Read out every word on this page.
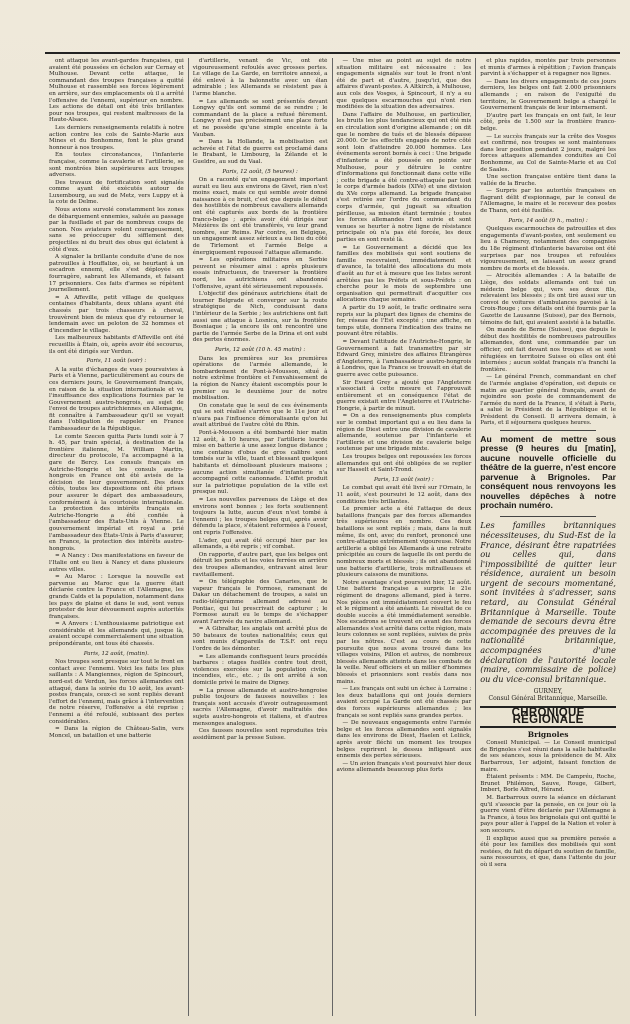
ont attaqué les avant-gardes françaises, qui avaient été poussées en échelon sur Cernay et Mulhouse. Devant cette attaque, le commandant des troupes françaises a quitté Mulhouse et rassemblé ses forces légèrement en arrière, sur des emplacements où il a arrêté l'offensive de l'ennemi, supérieur en nombre. Les actions de détail ont été très brillantes pour nos troupes, qui restent maîtresses de la Haute-Alsace.

Les derniers renseignements relatifs à notre action contre les cols de Sainte-Marie aux Mines et du Bonhomme, font le plus grand honneur à nos troupes.

En toutes circonstances, l'infanterie française, comme la cavalerie et l'artillerie, se sont montrées bien supérieures aux troupes adverses.

Des travaux de fortification sont signalés comme ayant été exécutés autour de Luxembourg, au sud de Metz, vers Luppy et à la cote de Delme.

Nous avions survolé constamment les zones de débarquement ennemies, saluée au passage par la fusillade et par de nombreux coups de canon. Nos aviateurs volent courageusement, sans se préoccuper du sifflement des projectiles ni du bruit des obus qui éclatent à côté d'eux.

A signaler la brillante conduite d'une de nos patrouilles à Houffalize, où, se heurtant à un escadron ennemi, elle s'est déployée en fourragère, sabrant les Allemands, et faisant 17 prisonniers. Ces faits d'armes se répètent journellement.

= A Affeville, petit village de quelques centaines d'habitants, deux uhlans ayant été chassés par trois chasseurs à cheval, trouvèrent bien de mieux que d'y retourner le lendemain avec un peloton de 32 hommes et d'incendier le village.

Les malheureux habitants d'Affeville ont été recueillis à Étain, où, après avoir été secourus, ils ont été dirigés sur Verdun.

Paris, 11 août (soir) :

A la suite d'échanges de vues poursuivies à Paris et à Vienne, particulièrement au cours de ces derniers jours, le Gouvernement français, en raison de la situation internationale et vu l'insuffisance des explications fournies par le Gouvernement austro-hongrois, au sujet de l'envoi de troupes autrichiennes en Allemagne, fit connaître à l'ambassadeur qu'il se voyait dans l'obligation de rappeler en France l'ambassadeur de la République.

Le comte Szecen quitta Paris lundi soir à 7 h. 45, par train spécial, à destination de la frontière italienne, M. William Martin, directeur du protocole, l'a accompagné à la gare de Bercy. Les consuls français en Autriche-Hongrie et les consuls austro-hongrois en France ont été avisés de la décision de leur gouvernement. Des deux côtés, toutes les dispositions ont été prises pour assurer le départ des ambassadeurs, conformément à la courtoisie internationale. La protection des intérêts français en Autriche-Hongrie a été confiée à l'ambassadeur des États-Unis à Vienne. Le gouvernement impérial et royal a prié l'ambassadeur des États-Unis à Paris d'assurer, en France, la protection des intérêts austro-hongrois.

= A Nancy : Des manifestations en faveur de l'Italie ont eu lieu à Nancy et dans plusieurs autres villes.

= Au Maroc : Lorsque la nouvelle est parvenue au Maroc que la guerre était déclarée contre la France et l'Allemagne, les grands Caïds et la population, notamment dans les pays de plaine et dans le sud, sont venus protester de leur dévouement auprès autorités françaises.

= A Anvers : L'enthousiasme patriotique est considérable et les allemands qui, jusque là, avaient occupé commercialement une situation prépondérante, ont tous été chassés.

Paris, 12 août, (matin).

Nos troupes sont presque sur tout le front en contact avec l'ennemi. Voici les faits les plus saillants : A Mangiennes, région de Spincourt, nord-est de Verdun, les forces allemandes ont attaqué, dans la soirée du 10 août, les avant-postes français, ceux-ci se sont repliés devant l'effort de l'ennemi, mais grâce à l'intervention de notre réserve, l'offensive a été reprise ; l'ennemi a été refoulé, subissant des pertes considérables.

= Dans la région de Château-Salin, vers Moncel, un bataillon et une batterie

d'artillerie, venant de Vic, ont été vigoureusement refoulés avec grosses pertes. Le village de La Garde, en territoire annexé, a été enlevé à la baïonnette avec un élan admirable ; les Allemands se résistent pas à l'arme blanche.

= Les allemands se sont présentés devant Longwy qu'ils ont sommé de se rendre ; le commandant de la place a refusé fièrement. Longwy n'est pas précisément une place forte et ne possède qu'une simple enceinte à la Vauban.

= Dans la Hollande, la mobilisation est achevée et l'état de guerre est proclamé dans le Brabant, le Limbourg, la Zélande et le Gueldre, au sud du Vaal.

Paris, 12 août, (5 heures) :

On a raconté qu'un engagement important aurait eu lieu aux environs de Givet, rien n'est moins exact, mais ce qui semble avoir donné naissance à ce bruit, c'est que depuis le début des hostilités de nombreux cavaliers allemands ont été capturés aux bords de la frontière franco-belge ; après avoir été dirigés sur Mézières ils ont été transférés, vu leur grand nombre, sur Reims. Par contre, en Belgique, un engagement assez sérieux a eu lieu du côté de Tirlemont et l'armée Belge a énergiquement repoussé l'attaque allemande.

= Les opérations militaires en Serbie peuvent se résumer ainsi : après plusieurs essais infructueux, de traverser la frontière nord, les autrichiens ont abandonné l'offensive, ayant été sérieusement repoussés.

L'objectif des généraux autrichiens était de tourner Belgrade et converger sur la route stratégique de Nich, conduisant dans l'intérieur de la Serbie ; les autrichiens ont fait aussi une attaque à Losnica, sur la frontière Bosniaque ; la encore ils ont rencontré une partie de l'armée Serbe de la Drina et ont subi des pertes énormes.

Paris, 12 août (10 h. 45 matin) :

Dans les premières sur les premières opérations de l'armée allemande, le bombardement de Pont-à-Mousson, situé à notre extrême frontière et l'envahissement de la région de Nancy étaient escomptés pour le premier ou le deuxième jour de notre mobilisation.

On constate que le seul de ces événements qui se soit réalisé s'arrive que le 11e jour et n'aura pas l'influence démoralisante qu'on lui avait attribué de l'autre côté du Rhin.

Pont-à-Mousson a été bombardé hier matin 12 août, à 10 heures, par l'artillerie lourde mise en batterie à une assez longue distance ; une centaine d'obus de gros calibre sont tombés sur la ville, tuant et blessant quelques habitants et démolissant plusieurs maisons ; aucune action simultanée d'infanterie n'a accompagné cette canonnade. L'effet produit sur la patriotique population de la ville est presque nul.

= Les nouvelles parvenues de Liège et des environs sont bonnes ; les forts soutiennent toujours la lutte, aucun d'eux n'est tombé à l'ennemi ; les troupes belges qui, après avoir défendu la place, s'étaient reformées à l'ouest, ont repris l'offensive.

L'ader, qui avait été occupé hier par les allemands, a été repris ; vif combat.

On rapporte, d'autre part, que les belges ont détruit les ponts et les voies ferrées en arrière des troupes allemandes, entravant ainsi leur ravitaillement.

= On télégraphie des Canaries, que le vapeur français le Formose, ramenant de Dakar un détachement de troupes, a saisi un radio-télégramme allemand adressé au Pontiac, qui lui prescrivait de capturer ; le Formose aurait eu le temps de s'échapper avant l'arrivée du navire allemand.

= A Gibraltar, les anglais ont arrêté plus de 50 bateaux de toutes nationalités; ceux qui sont munis d'appareils de T.S.F. ont reçu l'ordre de les démonter.

= Les allemands confisquent leurs procédés barbares : otages fusillés contre tout droit, violences exercées sur la population civile, incendies, etc., etc. ; ils ont arrêté à son domicile privé le maire de Digney.

= La presse allemande et austro-hongroise publie toujours de fausses nouvelles : les français sont accusés d'avoir outrageusement sacrés l'Allemagne, d'avoir maltraités des sujets austro-hongrois et italiens, et d'autres mensonges analogues.

Ces fausses nouvelles sont reproduites très assidûment par la presse Suisse.

— Une mise au point au sujet de notre situation militaire est nécessaire : les engagements signalés sur tout le front n'ont été de part et d'autre, jusqu'ici, que des affaires d'avant-postes. A Altkirch, à Mulhouse, aux cols des Vosges, à Spincourt, il n'y a eu que quelques escarmouches qui n'ont rien modifiées de la situation des adversaires.

Dans l'affaire de Mulhouse, en particulier, les bruits les plus tendancieux qui ont été mis en circulation sont d'origine allemande ; on dit que le nombre de tués et de blessés dépasse 20.000. Or les effectifs engagés de notre côté sont loin d'atteindre 20.000 hommes. Les événements seront bornés à ceci : Une brigade d'infanterie a été poussée en pointe sur Mulhouse, pour y détruire le centre d'informations qui fonctionnait dans cette ville ; cette brigade a été contre-attaquée par tout le corps d'armée badois (XIVe) et une division du XVe corps allemand. La brigade française s'est retirée sur l'ordre du commandant du corps d'armée, qui jugeait sa situation périlleuse, sa mission étant terminée ; toutes les forces allemandes l'ont suivie et sont venues se heurter à notre ligne de résistance principale où n'a pas été forcée, les deux parties en sont resté là.

= Le Gouvernement a décidé que les familles des mobilisés qui sont soutiens de famille recevraient, immédiatement et d'avance, la totalité des allocations du mois d'août au fur et à mesure que les listes seront arrêtées pas les Préfets et sous-Préfets : on cherche pour le mois de septembre une organisation qui permettrait d'acquitter ces allocations chaque semaine.

A partir du 19 août, le trafic ordinaire sera repris sur la plupart des lignes de chemins de fer, réseau de l'Est excepté ; une affiche, en temps utile, donnera l'indication des trains ne pouvant être rétablis.

= Devant l'attitude de l'Autriche-Hongrie, le Gouvernement a fait transmettre par sir Edward Grey, ministre des affaires Étrangères d'Angleterre, à l'ambassadeur austro-hongrois à Londres, que la France se trouvait en état de guerre avec cette puissance.

Sir Eward Grey a ajouté que l'Angleterre s'associait à cette mesure et l'approuvait entièrement et en conséquence l'état de guerre existait entre l'Angleterre et l'Autriche-Hongrie, à partir de minuit.

= On a des renseignements plus complets sur le combat important qui a eu lieu dans la région de Diest entre une division de cavalerie allemande, soutenue par l'infanterie et l'artillerie et une division de cavalerie belge soutenue par une brigade mixte.

Les troupes belges ont repoussées les forces allemandes qui ont été obligées de se replier sur Hasselt et Saint-Trond.

Paris, 13 août (soir) :

Le combat qui avait été livré sur l'Ornain, le 11 août, s'est poursuivi le 12 août, dans des conditions très brillantes.

Le premier acte a été l'attaque de deux bataillons français par des forces allemandes très supérieures en nombre. Ces deux bataillons se sont repliés ; mais, dans la nuit même, ils ont, avec du renfort, prononcé une contre-attaque extrêmement vigoureuse. Notre artillerie a obligé les Allemands à une retraite précipitée au cours de laquelle ils ont perdu de nombreux morts et blessés ; ils ont abandonné une batterie d'artillerie, trois mitrailleuses et plusieurs caissons de munitions.

Notre avantage s'est poursuivi hier, 12 août. Une batterie française a surpris le 21e régiment de dragons allemand, pied à terre. Nos pièces ont immédiatement couvert le feu et le régiment a été anéanti. Le résultat de ce double succès a été immédiatement sensible. Nos escadrons se trouvent en avant des forces allemandes s'est arrêté dans cette région, mais leurs colonnes se sont repliées, suivies de près par les nôtres. C'est au cours de cette poursuite que nous avons trouvé dans les villages voisins, Pillon et autres, de nombreux blessés allemands atteints dans les combats de la veille. Neuf officiers et un millier d'hommes blessés et prisonniers sont restés dans nos mains.

— Les français ont subi un échec à Lorraine : les deux bataillons qui ont joués derniers avaient occupé La Garde ont été chassés par des forces supérieures allemandes ; les français se sont repliés sans grandes pertes.

— De nouveaux engagements entre l'armée belge et les forces allemandes sont signalés dans les environs de Diest, Haelen et Leliick, après avoir fléchi un moment les troupes belges reprirent le dessus infligeant aux ennemis des pertes sérieuses.

— Un avion français s'est poursuivi hier deux avions allemands beaucoup plus forts

et plus rapides, montés par trois personnes et munis d'armes à répétition ; l'avion français parvint à s'échapper et à regagner nos lignes.

— Dans les divers engagements de ces jours derniers, les belges ont fait 2.000 prisonniers allemands ; en raison de l'exiguïté du territoire, le Gouvernement belge a chargé le Gouvernement français de leur internement.

D'autre part les français en ont fait, le leur côté, près de 1.500 sur la frontière franco-belge.

— Le succès français sur la crête des Vosges est confirmé, nos troupes se sont maintenues dans leur position pendant 2 jours, malgré les forces attaques allemandes conduites au Col Bonhomme, au Col de Sainte-Marie et au Col de Saales.

Une section française entière tient dans la vallée de la Bruche.

— Surpris par les autorités françaises en flagrant délit d'espionnage, par le consul de l'Allemagne, le maire et le receveur des postes de Thann, ont été fusillés.

Paris, 14 août (9 h., matin) :

Quelques escarmouches de patrouilles et des engagements d'avant-postes, ont seulement eu lieu à Chamerey, notamment des compagnies du 18e régiment d'infanterie bavaroise ont été surprises par nos troupes et refoulées vigoureusement, en laissant un assez grand nombre de morts et de blessés.

— Atrocités allemandes : A la bataille de Liège, des soldats allemands ont tué un médecin belge qui, vers ses deux fils, relevaient les blessés ; ils ont tiré aussi sur un convoi de voitures d'ambulances pavoisé à la Croix-Rouge ; ces détails ont été fournis par la Gazette de Lausanne (Suisse), par des Bernois, témoins de fait, qui avaient assisté à la bataille.

On mande de Berne (Suisse), que depuis le début des hostilités de nombreuses patrouilles allemandes, dont une, commandée par un officier, ont fait devant nos troupes et se sont réfugiées en territoire Suisse où elles ont été internées ; aucun soldat français n'a franchi la frontière.

— Le général French, commandant en chef de l'armée anglaise d'opération, est depuis ce matin au quartier général français, avant de rejoindre son poste de commandement de l'armée du nord de la France, il s'était à Paris, a salué le Président de la République et le Président du Conseil. Il arrivera demain, à Paris, et il séjournera quelques heures.

Au moment de mettre sous presse (9 heures du [matin], aucune nouvelle officielle du théâtre de la guerre, n'est encore parvenue à Brignoles. Par conséquent nous renvoyons les nouvelles dépêches à notre prochain numéro.
Les familles britanniques nécessiteuses, du Sud-Est de la France, désirant être rapatriées ou celles qui, dans l'impossibilité de quitter leur résidence, auraient un besoin urgent de secours momentané, sont invitées à s'adresser, sans retard, au Consulat Général Britannique à Marseille. Toute demande de secours devra être accompagnée des preuves de la nationalité britannique, accompagnées d'une déclaration de l'autorité locale (maire, commissaire de police) ou du vice-consul britannique.
GURNEY,
Consul Général Britannique, Marseille.
CHRONIQUE RÉGIONALE
Brignoles

Conseil Municipal. — Le Conseil municipal de Brignoles s'est réuni dans la salle habituelle de ses séances, sous la présidence de M. Alix Barbarroux, 1er adjoint, faisant fonction de maire.

Étaient présents : MM. De Campréu, Roche, Brunet Philémon, Sauve, Rouge, Gilbert, Imbert, Borle Alfred, Hérand.

M. Barbarroux ouvre la séance en déclarant qu'il s'associe par la pensée, en ce jour où la guerre vient d'être déclarée par l'Allemagne à la France, à tous les brignolais qui ont quitté le pays pour aller à l'appel de la Nation et voler à son secours.

Il explique aussi que sa première pensée a été pour les familles des mobilisés qui sont restées, du fait du départ du soutien de famille, sans ressources, et que, dans l'attente du jour où il sera
